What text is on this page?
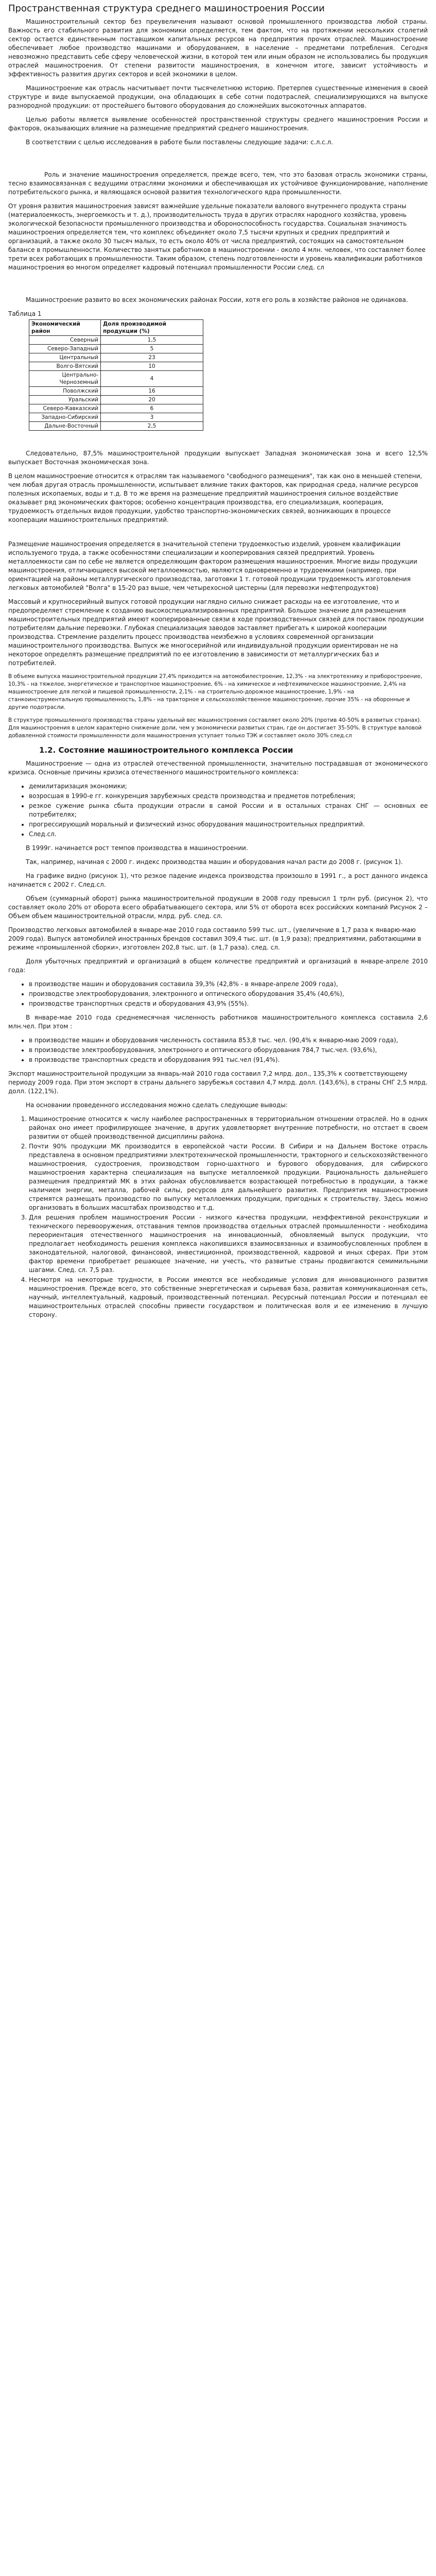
Пространственная структура среднего машиностроения России

Машиностроительный сектор без преувеличения называют основой промышленного производства любой страны. Важность его стабильного развития для экономики определяется, тем фактом, что на протяжении нескольких столетий сектор остается единственным поставщиком капитальных ресурсов на предприятия прочих отраслей. Машиностроение обеспечивает любое производство машинами и оборудованием, в население – предметами потребления. Сегодня невозможно представить себе сферу человеческой жизни, в которой тем или иным образом не использовались бы продукция отраслей машиностроения. От степени развитости машиностроения, в конечном итоге, зависит устойчивость и эффективность развития других секторов и всей экономики в целом.

Машиностроение как отрасль насчитывает почти тысячелетнюю историю. Претерпев существенные изменения в своей структуре и виде выпускаемой продукции, она обладающих в себе сотни подотраслей, специализирующихся на выпуске разнородной продукции: от простейшего бытового оборудования до сложнейших высокоточных аппаратов.

Целью работы является выявление особенностей пространственной структуры среднего машиностроения России и факторов, оказывающих влияние на размещение предприятий среднего машиностроения.

В соответствии с целью исследования в работе были поставлены следующие задачи: с.л.с.л.

Роль и значение машиностроения определяется, прежде всего, тем, что это базовая отрасль экономики страны, тесно взаимосвязанная с ведущими отраслями экономики и обеспечивающая их устойчивое функционирование, наполнение потребительского рынка, и являющаяся основой развития технологического ядра промышленности.

От уровня развития машиностроения зависят важнейшие удельные показатели валового внутреннего продукта страны (материалоемкость, энергоемкость и т. д.), производительность труда в других отраслях народного хозяйства, уровень экологической безопасности промышленного производства и обороноспособность государства. Социальная значимость машиностроения определяется тем, что комплекс объединяет около 7,5 тысячи крупных и средних предприятий и организаций, а также около 30 тысяч малых, то есть около 40% от числа предприятий, состоящих на самостоятельном балансе в промышленности. Количество занятых работников в машиностроении - около 4 млн. человек, что составляет более трети всех работающих в промышленности. Таким образом, степень подготовленности и уровень квалификации работников машиностроения во многом определяет кадровый потенциал промышленности России след. сл

Машиностроение развито во всех экономических районах России, хотя его роль в хозяйстве районов не одинакова.

Таблица 1
Экономический район	Доля производимой продукции (%)
Северный	1,5
Северо-Западный	5
Центральный	23
Волго-Вятский	10
Центрально-Черноземный	4
Поволжский	16
Уральский	20
Северо-Кавказский	6
Западно-Сибирский	3
Дальне-Восточный	2,5

Следовательно, 87,5% машиностроительной продукции выпускает Западная экономическая зона и всего 12,5% выпускает Восточная экономическая зона.

В целом машиностроение относится к отраслям так называемого "свободного размещения", так как оно в меньшей степени, чем любая другая отрасль промышленности, испытывает влияние таких факторов, как природная среда, наличие ресурсов полезных ископаемых, воды и т.д. В то же время на размещение предприятий машиностроения сильное воздействие оказывает ряд экономических факторов; особенно концентрация производства, его специализация, кооперация, трудоемкость отдельных видов продукции, удобство транспортно-экономических связей, возникающих в процессе кооперации машиностроительных предприятий.

Размещение машиностроения определяется в значительной степени трудоемкостью изделий, уровнем квалификации используемого труда, а также особенностями специализации и кооперирования связей предприятий. Уровень металлоемкости сам по себе не является определяющим фактором размещения машиностроения. Многие виды продукции машиностроения, отличающиеся высокой металлоемкостью, являются одновременно и трудоемкими (например, при ориентацией на районы металлургического производства, заготовки 1 т. готовой продукции трудоемкость изготовления легковых автомобилей "Волга" в 15-20 раз выше, чем четырехосной цистерны (для перевозки нефтепродуктов)

Массовый и крупносерийный выпуск готовой продукции наглядно сильно снижает расходы на ее изготовление, что и предопределяет стремление к созданию высокоспециализированных предприятий. Большое значение для размещения машиностроительных предприятий имеют кооперированные связи в ходе производственных связей для поставок продукции потребителям дальние перевозки. Глубокая специализация заводов заставляет прибегать к широкой кооперации производства. Стремление разделить процесс производства неизбежно в условиях современной организации машиностроительного производства. Выпуск же многосерийной или индивидуальной продукции ориентирован не на некоторое определять размещение предприятий по ее изготовлению в зависимости от металлургических баз и потребителей.

В объеме выпуска машиностроительной продукции 27,4% приходится на автомобилестроение, 12,3% - на электротехнику и приборостроение, 10,3% - на тяжелое, энергетическое и транспортное машиностроение, 6% - на химическое и нефтехимическое машиностроение, 2,4% на машиностроение для легкой и пищевой промышленности, 2,1% - на строительно-дорожное машиностроение, 1,9% - на станкоинструментальную промышленность, 1,8% - на тракторное и сельскохозяйственное машиностроение, прочие 35% - на оборонные и другие подотрасли.

В структуре промышленного производства страны удельный вес машиностроения составляет около 20% (против 40-50% в развитых странах). Для машиностроения в целом характерно снижение доли, чем у экономически развитых стран, где он достигает 35-50%. В структуре валовой добавленной стоимости промышленности доля машиностроения уступает только ТЭК и составляет около 30% след.сл

1.2. Состояние машиностроительного комплекса России

Машиностроение — одна из отраслей отечественной промышленности, значительно пострадавшая от экономического кризиса. Основные причины кризиса отечественного машиностроительного комплекса:

• демилитаризация экономики;
• возросшая в 1990-е гг. конкуренция зарубежных средств производства и предметов потребления;
• резкое сужение рынка сбыта продукции отрасли в самой России и в остальных странах СНГ — основных ее потребителях;
• прогрессирующий моральный и физический износ оборудования машиностроительных предприятий.
• След.сл.

В 1999г. начинается рост темпов производства в машиностроении.

Так, например, начиная с 2000 г. индекс производства машин и оборудования начал расти до 2008 г. (рисунок 1).

На графике видно (рисунок 1), что резкое падение индекса производства произошло в 1991 г., а рост данного индекса начинается с 2002 г. След.сл.

Объем (суммарный оборот) рынка машиностроительной продукции в 2008 году превысил 1 трлн руб. (рисунок 2), что составляет около 20% от оборота всего обрабатывающего сектора, или 5% от оборота всех российских компаний Рисунок 2 – Объем объем машиностроительной отрасли, млрд. руб. след. сл.

Производство легковых автомобилей в январе-мае 2010 года составило 599 тыс. шт., (увеличение в 1,7 раза к январю-маю 2009 года). Выпуск автомобилей иностранных брендов составил 309,4 тыс. шт. (в 1,9 раза); предприятиями, работающими в режиме «промышленной сборки», изготовлен 202,8 тыс. шт. (в 1,7 раза). след. сл.

Доля убыточных предприятий и организаций в общем количестве предприятий и организаций в январе-апреле 2010 года:

• в производстве машин и оборудования составила 39,3% (42,8% - в январе-апреле 2009 года),
• производстве электрооборудования, электронного и оптического оборудования 35,4% (40,6%),
• производстве транспортных средств и оборудования 43,9% (55%).

В январе-мае 2010 года среднемесячная численность работников машиностроительного комплекса составила 2,6 млн.чел. При этом :

• в производстве машин и оборудования численность составила 853,8 тыс. чел. (90,4% к январю-маю 2009 года),
• в производстве электрооборудования, электронного и оптического оборудования 784,7 тыс.чел. (93,6%),
• в производстве транспортных средств и оборудования 991 тыс.чел (91,4%).

Экспорт машиностроительной продукции за январь-май 2010 года составил 7,2 млрд. дол., 135,3% к соответствующему периоду 2009 года. При этом экспорт в страны дальнего зарубежья составил 4,7 млрд. долл. (143,6%), в страны СНГ 2,5 млрд. долл. (122,1%).

На основании проведенного исследования можно сделать следующие выводы:

1. Машиностроение относится к числу наиболее распространенных в территориальном отношении отраслей. Но в одних районах оно имеет профилирующее значение, в других удовлетворяет внутренние потребности, но отстает в своем развитии от общей производственной дисциплины района.
2. Почти 90% продукции МК производится в европейской части России. В Сибири и на Дальнем Востоке отрасль представлена в основном предприятиями электротехнической промышленности, тракторного и сельскохозяйственного машиностроения, судостроения, производством горно-шахтного и бурового оборудования, для сибирского машиностроения характерна специализация на выпуске металлоемкой продукции. Рациональность дальнейшего размещения предприятий МК в этих районах обусловливается возрастающей потребностью в продукции, а также наличием энергии, металла, рабочей силы, ресурсов для дальнейшего развития. Предприятия машиностроения стремятся размещать производство по выпуску металлоемких продукции, пригодных к строительству. Здесь можно организовать в больших масштабах производство и т.д.
3. Для решения проблем машиностроения России - низкого качества продукции, неэффективной реконструкции и технического перевооружения, отставания темпов производства отдельных отраслей промышленности - необходима переориентация отечественного машиностроения на инновационный, обновляемый выпуск продукции, что предполагает необходимость решения комплекса накопившихся взаимосвязанных и взаимообусловленных проблем в законодательной, налоговой, финансовой, инвестиционной, производственной, кадровой и иных сферах. При этом фактор времени приобретает решающее значение, ни учесть, что развитые страны продвигаются семимильными шагами. След. сл. 7,5 раз.
4. Несмотря на некоторые трудности, в России имеются все необходимые условия для инновационного развития машиностроения. Прежде всего, это собственные энергетическая и сырьевая база, развитая коммуникационная сеть, научный, интеллектуальный, кадровый, производственный потенциал. Ресурсный потенциал России и потенциал ее машиностроительных отраслей способны привести государством и политическая воля и ее изменению в лучшую сторону.
